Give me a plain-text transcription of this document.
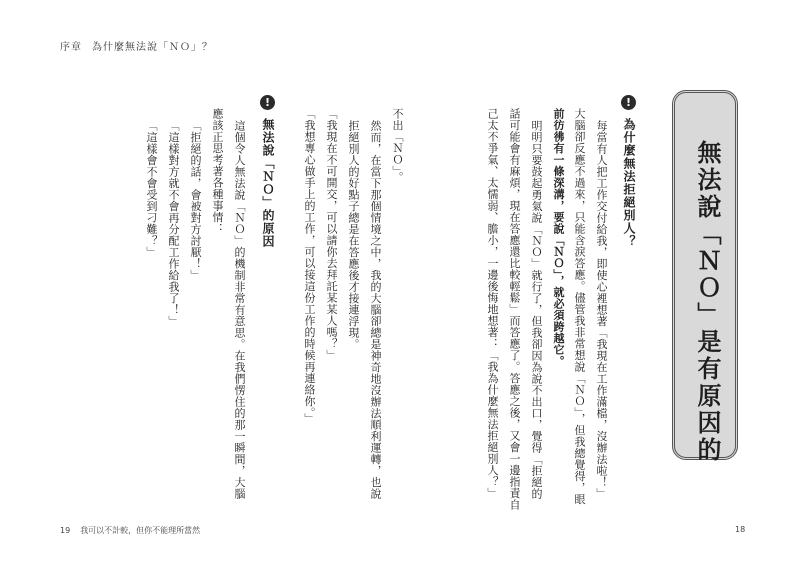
序章 為什麼無法說「ＮＯ」？
無法說「ＮＯ」是有原因的
!
為什麼無法拒絕別人？
每當有人把工作交付給我，即使心裡想著「我現在工作滿檔，沒辦法啦！」
大腦卻反應不過來，只能含淚答應。儘管我非常想說「ＮＯ」，但我總覺得，眼
前彷彿有一條深溝，要說「ＮＯ」，就必須跨越它。
明明只要鼓起勇氣說「ＮＯ」就行了，但我卻因為說不出口，覺得「拒絕的
話可能會有麻煩，現在答應還比較輕鬆」而答應了。答應之後，又會一邊指責自
己太不爭氣、太懦弱、膽小，一邊後悔地想著：「我為什麼無法拒絕別人？」
不出「ＮＯ」。
然而，在當下那個情境之中，我的大腦卻總是神奇地沒辦法順利運轉，也說
拒絕別人的好點子總是在答應後才接連浮現。
「我現在不可開交，可以請你去拜託某某人嗎？」
「我想專心做手上的工作，可以接這份工作的時候再連絡你。」
!
無法說「ＮＯ」的原因
這個令人無法說「ＮＯ」的機制非常有意思。在我們愣住的那一瞬間，大腦
應該正思考著各種事情：
「拒絕的話，會被對方討厭！」
「這樣對方就不會再分配工作給我了！」
「這樣會不會受到刁難？」
19 我可以不計較，但你不能理所當然	18
